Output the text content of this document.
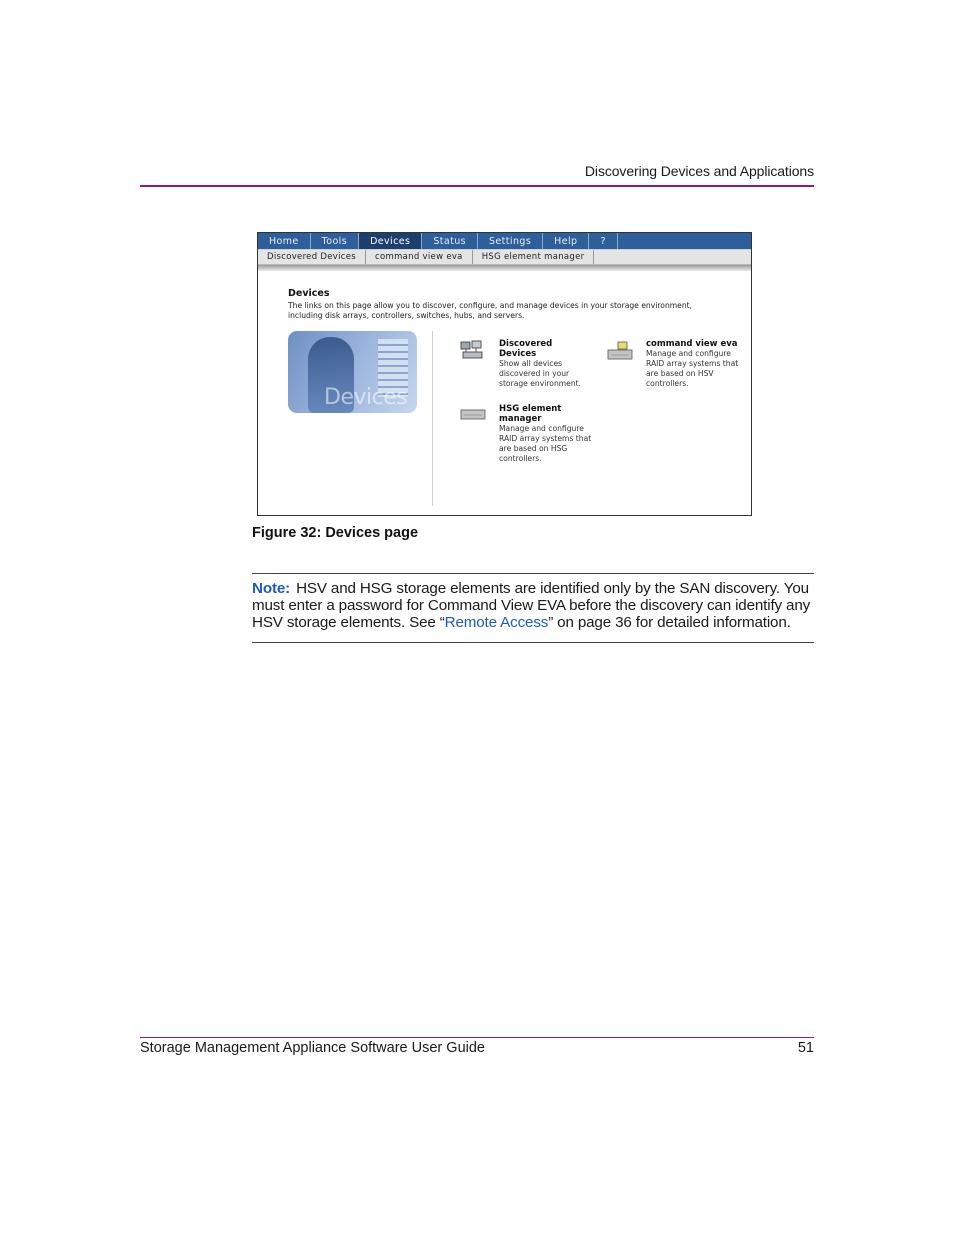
Discovering Devices and Applications
Home	Tools	Devices	Status	Settings	Help	?
Discovered Devices	command view eva	HSG element manager
Devices
The links on this page allow you to discover, configure, and manage devices in your storage environment, including disk arrays, controllers, switches, hubs, and servers.
Devices
Discovered Devices
Show all devices discovered in your storage environment.
command view eva
Manage and configure RAID array systems that are based on HSV controllers.
HSG element manager
Manage and configure RAID array systems that are based on HSG controllers.
Figure 32: Devices page

Note: HSV and HSG storage elements are identified only by the SAN discovery. You must enter a password for Command View EVA before the discovery can identify any HSV storage elements. See “Remote Access” on page 36 for detailed information.

Storage Management Appliance Software User Guide	51
